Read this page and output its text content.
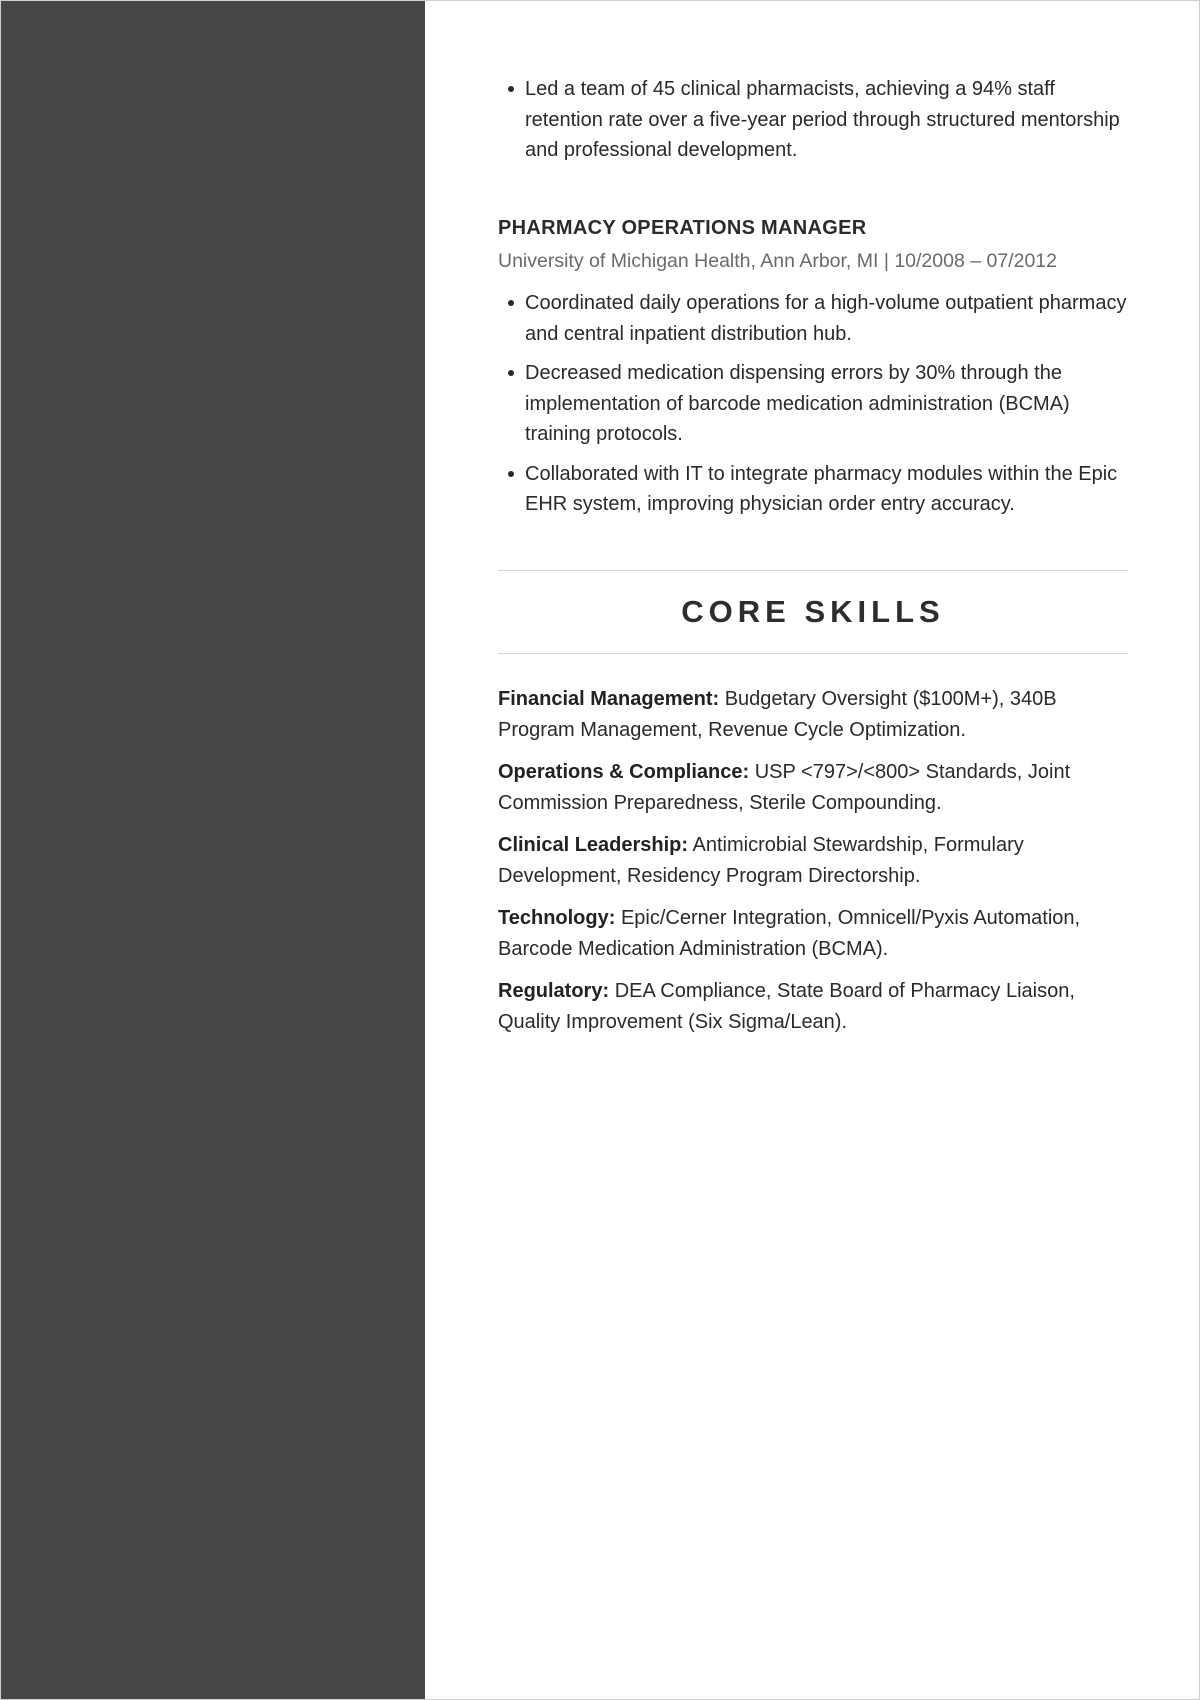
Led a team of 45 clinical pharmacists, achieving a 94% staff retention rate over a five-year period through structured mentorship and professional development.
PHARMACY OPERATIONS MANAGER
University of Michigan Health, Ann Arbor, MI | 10/2008 – 07/2012
Coordinated daily operations for a high-volume outpatient pharmacy and central inpatient distribution hub.
Decreased medication dispensing errors by 30% through the implementation of barcode medication administration (BCMA) training protocols.
Collaborated with IT to integrate pharmacy modules within the Epic EHR system, improving physician order entry accuracy.
CORE SKILLS

Financial Management: Budgetary Oversight ($100M+), 340B Program Management, Revenue Cycle Optimization.

Operations & Compliance: USP <797>/<800> Standards, Joint Commission Preparedness, Sterile Compounding.

Clinical Leadership: Antimicrobial Stewardship, Formulary Development, Residency Program Directorship.

Technology: Epic/Cerner Integration, Omnicell/Pyxis Automation, Barcode Medication Administration (BCMA).

Regulatory: DEA Compliance, State Board of Pharmacy Liaison, Quality Improvement (Six Sigma/Lean).
